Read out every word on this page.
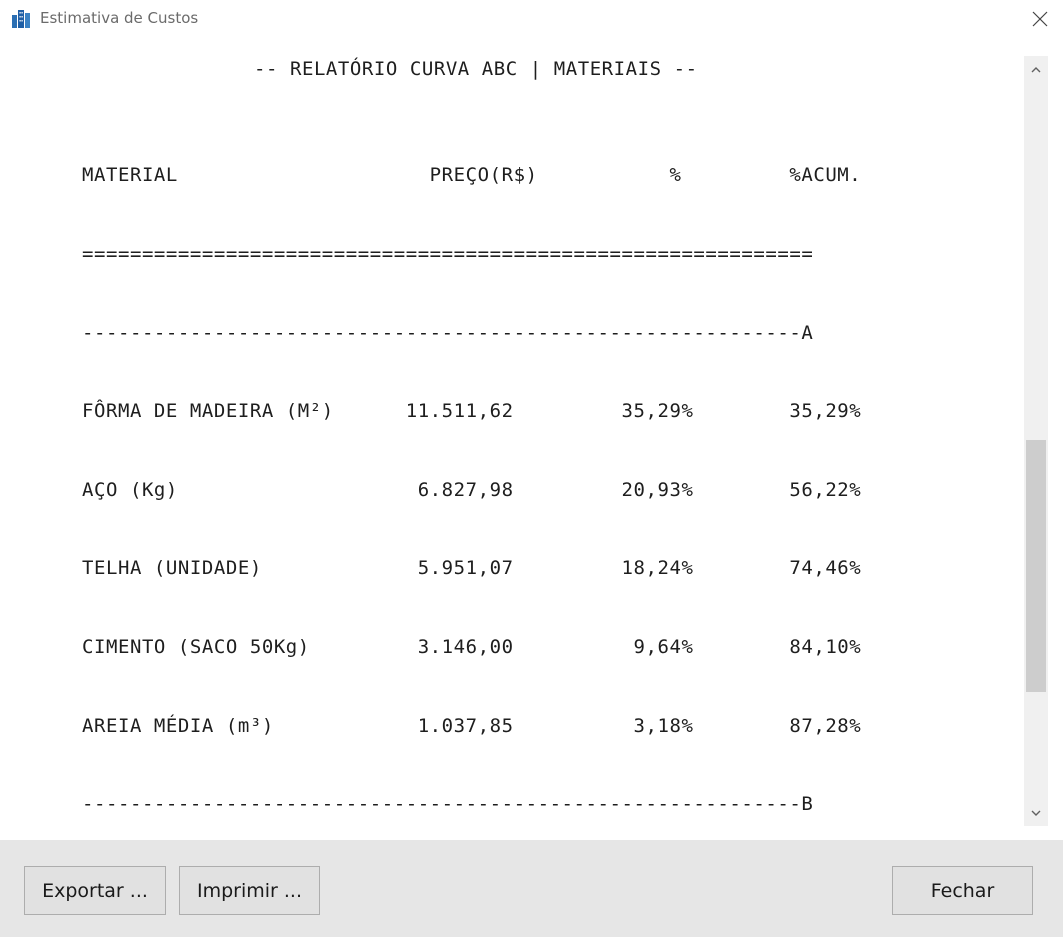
Estimativa de Custos
-- RELATÓRIO CURVA ABC | MATERIAIS --

MATERIAL                     PREÇO(R$)           %         %ACUM.

=============================================================

------------------------------------------------------------A

FÔRMA DE MADEIRA (M²)      11.511,62         35,29%        35,29%

AÇO (Kg)                    6.827,98         20,93%        56,22%

TELHA (UNIDADE)             5.951,07         18,24%        74,46%

CIMENTO (SACO 50Kg)         3.146,00          9,64%        84,10%

AREIA MÉDIA (m³)            1.037,85          3,18%        87,28%

------------------------------------------------------------B

Exportar ...	Imprimir ...	Fechar
